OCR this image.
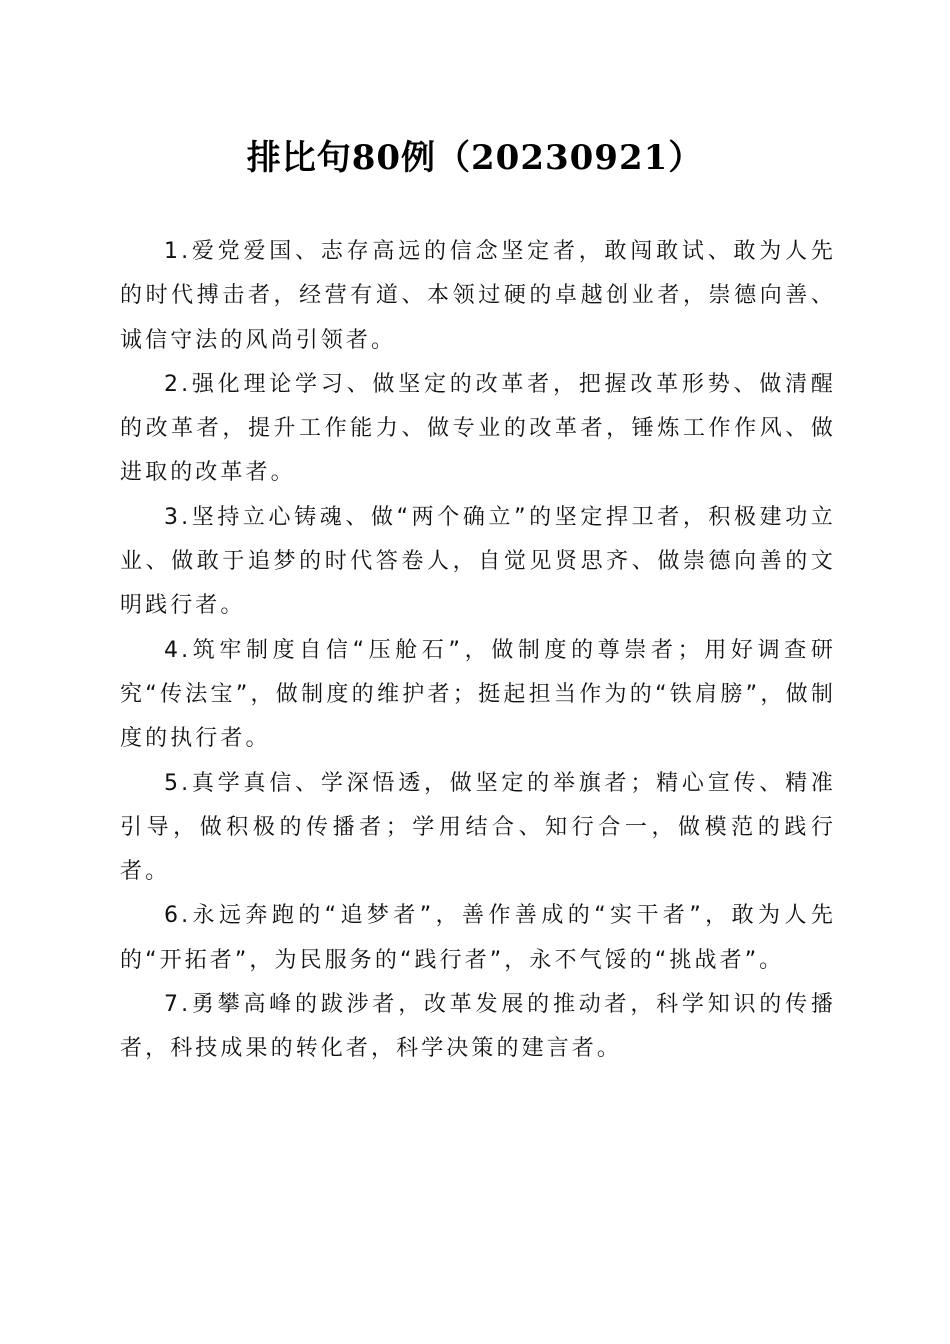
排比句80例（20230921）

1.爱党爱国、志存高远的信念坚定者，敢闯敢试、敢为人先的时代搏击者，经营有道、本领过硬的卓越创业者，崇德向善、诚信守法的风尚引领者。

2.强化理论学习、做坚定的改革者，把握改革形势、做清醒的改革者，提升工作能力、做专业的改革者，锤炼工作作风、做进取的改革者。

3.坚持立心铸魂、做“两个确立”的坚定捍卫者，积极建功立业、做敢于追梦的时代答卷人，自觉见贤思齐、做崇德向善的文明践行者。

4.筑牢制度自信“压舱石”，做制度的尊崇者；用好调查研究“传法宝”，做制度的维护者；挺起担当作为的“铁肩膀”，做制度的执行者。

5.真学真信、学深悟透，做坚定的举旗者；精心宣传、精准引导，做积极的传播者；学用结合、知行合一，做模范的践行者。

6.永远奔跑的“追梦者”，善作善成的“实干者”，敢为人先的“开拓者”，为民服务的“践行者”，永不气馁的“挑战者”。

7.勇攀高峰的跋涉者，改革发展的推动者，科学知识的传播者，科技成果的转化者，科学决策的建言者。
